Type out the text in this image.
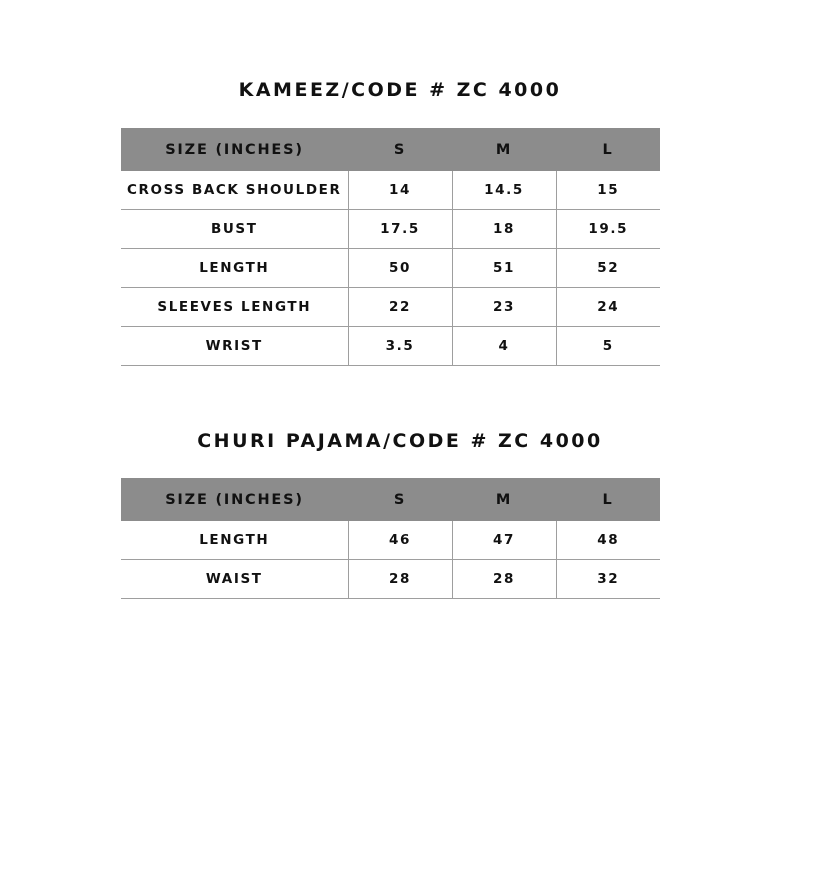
KAMEEZ/CODE # ZC 4000
SIZE (INCHES)	S	M	L
CROSS BACK SHOULDER	14	14.5	15
BUST	17.5	18	19.5
LENGTH	50	51	52
SLEEVES LENGTH	22	23	24
WRIST	3.5	4	5
CHURI PAJAMA/CODE # ZC 4000
SIZE (INCHES)	S	M	L
LENGTH	46	47	48
WAIST	28	28	32
